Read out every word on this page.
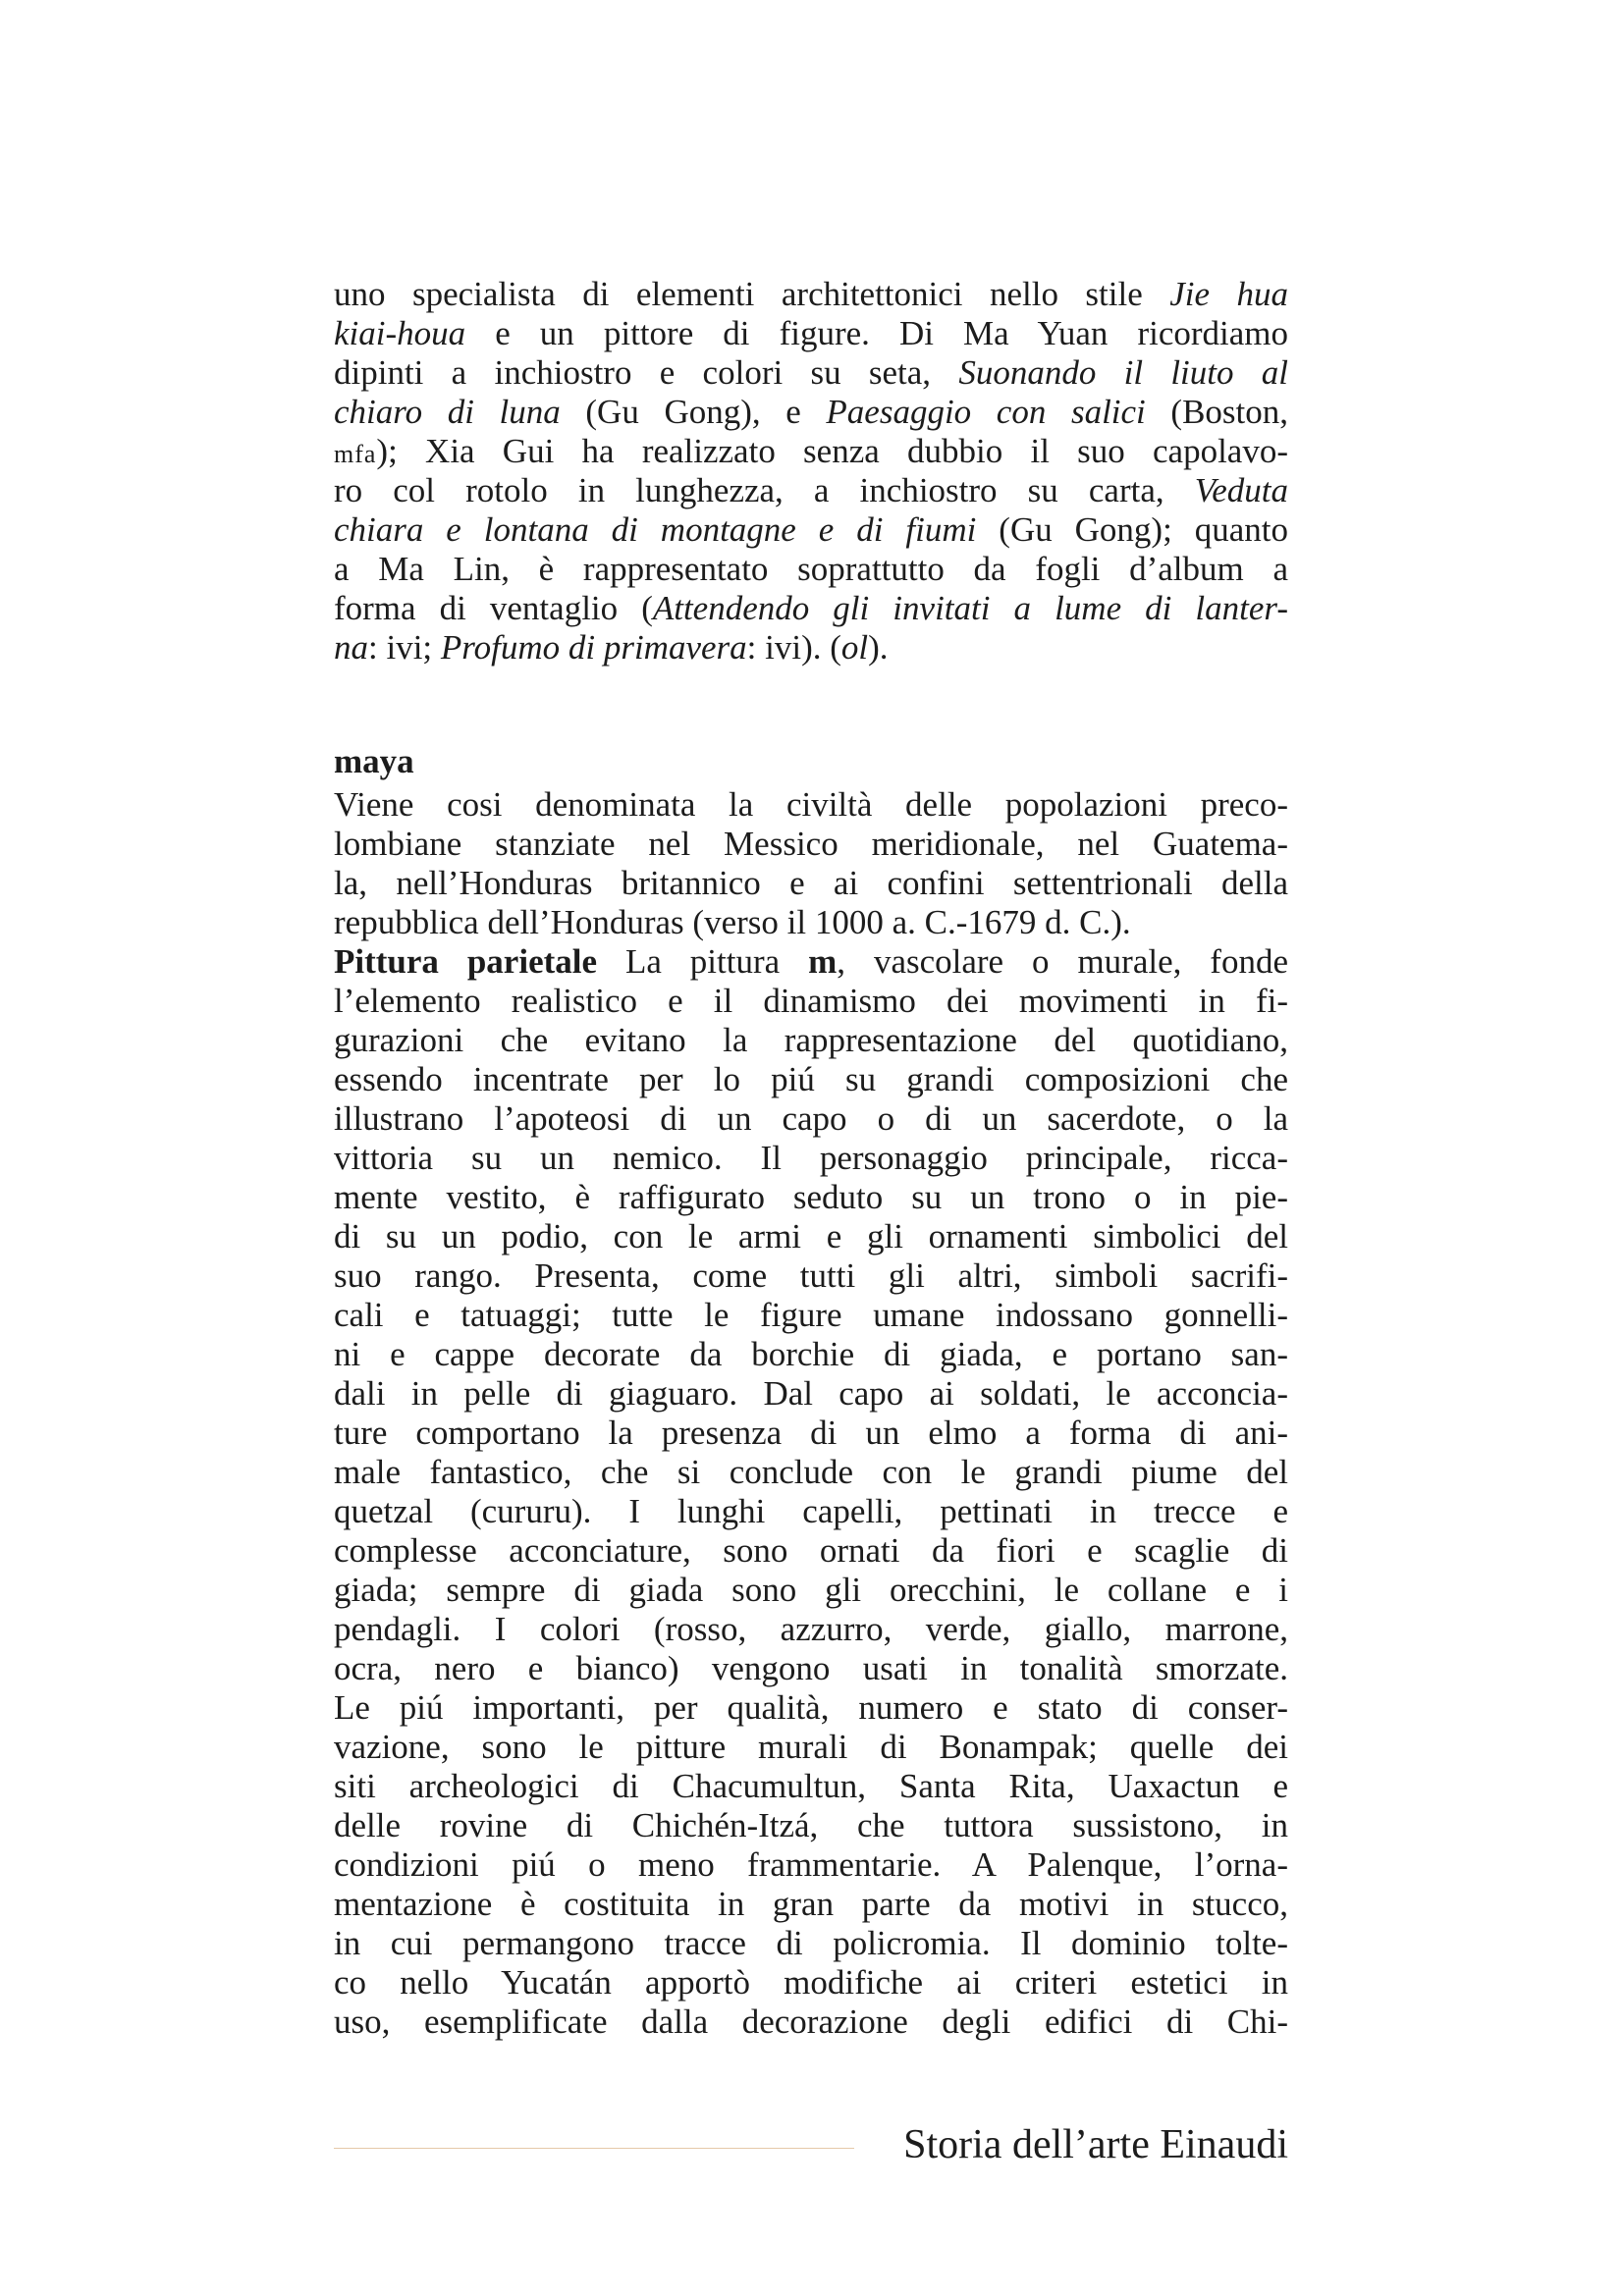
uno specialista di elementi architettonici nello stile Jie hua
kiai-houa e un pittore di figure. Di Ma Yuan ricordiamo
dipinti a inchiostro e colori su seta, Suonando il liuto al
chiaro di luna (Gu Gong), e Paesaggio con salici (Boston,
mfa); Xia Gui ha realizzato senza dubbio il suo capolavo-
ro col rotolo in lunghezza, a inchiostro su carta, Veduta
chiara e lontana di montagne e di fiumi (Gu Gong); quanto
a Ma Lin, è rappresentato soprattutto da fogli d’album a
forma di ventaglio (Attendendo gli invitati a lume di lanter-
na: ivi; Profumo di primavera: ivi). (ol).
maya
Viene cosi denominata la civiltà delle popolazioni preco-
lombiane stanziate nel Messico meridionale, nel Guatema-
la, nell’Honduras britannico e ai confini settentrionali della
repubblica dell’Honduras (verso il 1000 a. C.-1679 d. C.).
Pittura parietale La pittura m, vascolare o murale, fonde
l’elemento realistico e il dinamismo dei movimenti in fi-
gurazioni che evitano la rappresentazione del quotidiano,
essendo incentrate per lo piú su grandi composizioni che
illustrano l’apoteosi di un capo o di un sacerdote, o la
vittoria su un nemico. Il personaggio principale, ricca-
mente vestito, è raffigurato seduto su un trono o in pie-
di su un podio, con le armi e gli ornamenti simbolici del
suo rango. Presenta, come tutti gli altri, simboli sacrifi-
cali e tatuaggi; tutte le figure umane indossano gonnelli-
ni e cappe decorate da borchie di giada, e portano san-
dali in pelle di giaguaro. Dal capo ai soldati, le acconcia-
ture comportano la presenza di un elmo a forma di ani-
male fantastico, che si conclude con le grandi piume del
quetzal (cururu). I lunghi capelli, pettinati in trecce e
complesse acconciature, sono ornati da fiori e scaglie di
giada; sempre di giada sono gli orecchini, le collane e i
pendagli. I colori (rosso, azzurro, verde, giallo, marrone,
ocra, nero e bianco) vengono usati in tonalità smorzate.
Le piú importanti, per qualità, numero e stato di conser-
vazione, sono le pitture murali di Bonampak; quelle dei
siti archeologici di Chacumultun, Santa Rita, Uaxactun e
delle rovine di Chichén-Itzá, che tuttora sussistono, in
condizioni piú o meno frammentarie. A Palenque, l’orna-
mentazione è costituita in gran parte da motivi in stucco,
in cui permangono tracce di policromia. Il dominio tolte-
co nello Yucatán apportò modifiche ai criteri estetici in
uso, esemplificate dalla decorazione degli edifici di Chi-
Storia dell’arte Einaudi
